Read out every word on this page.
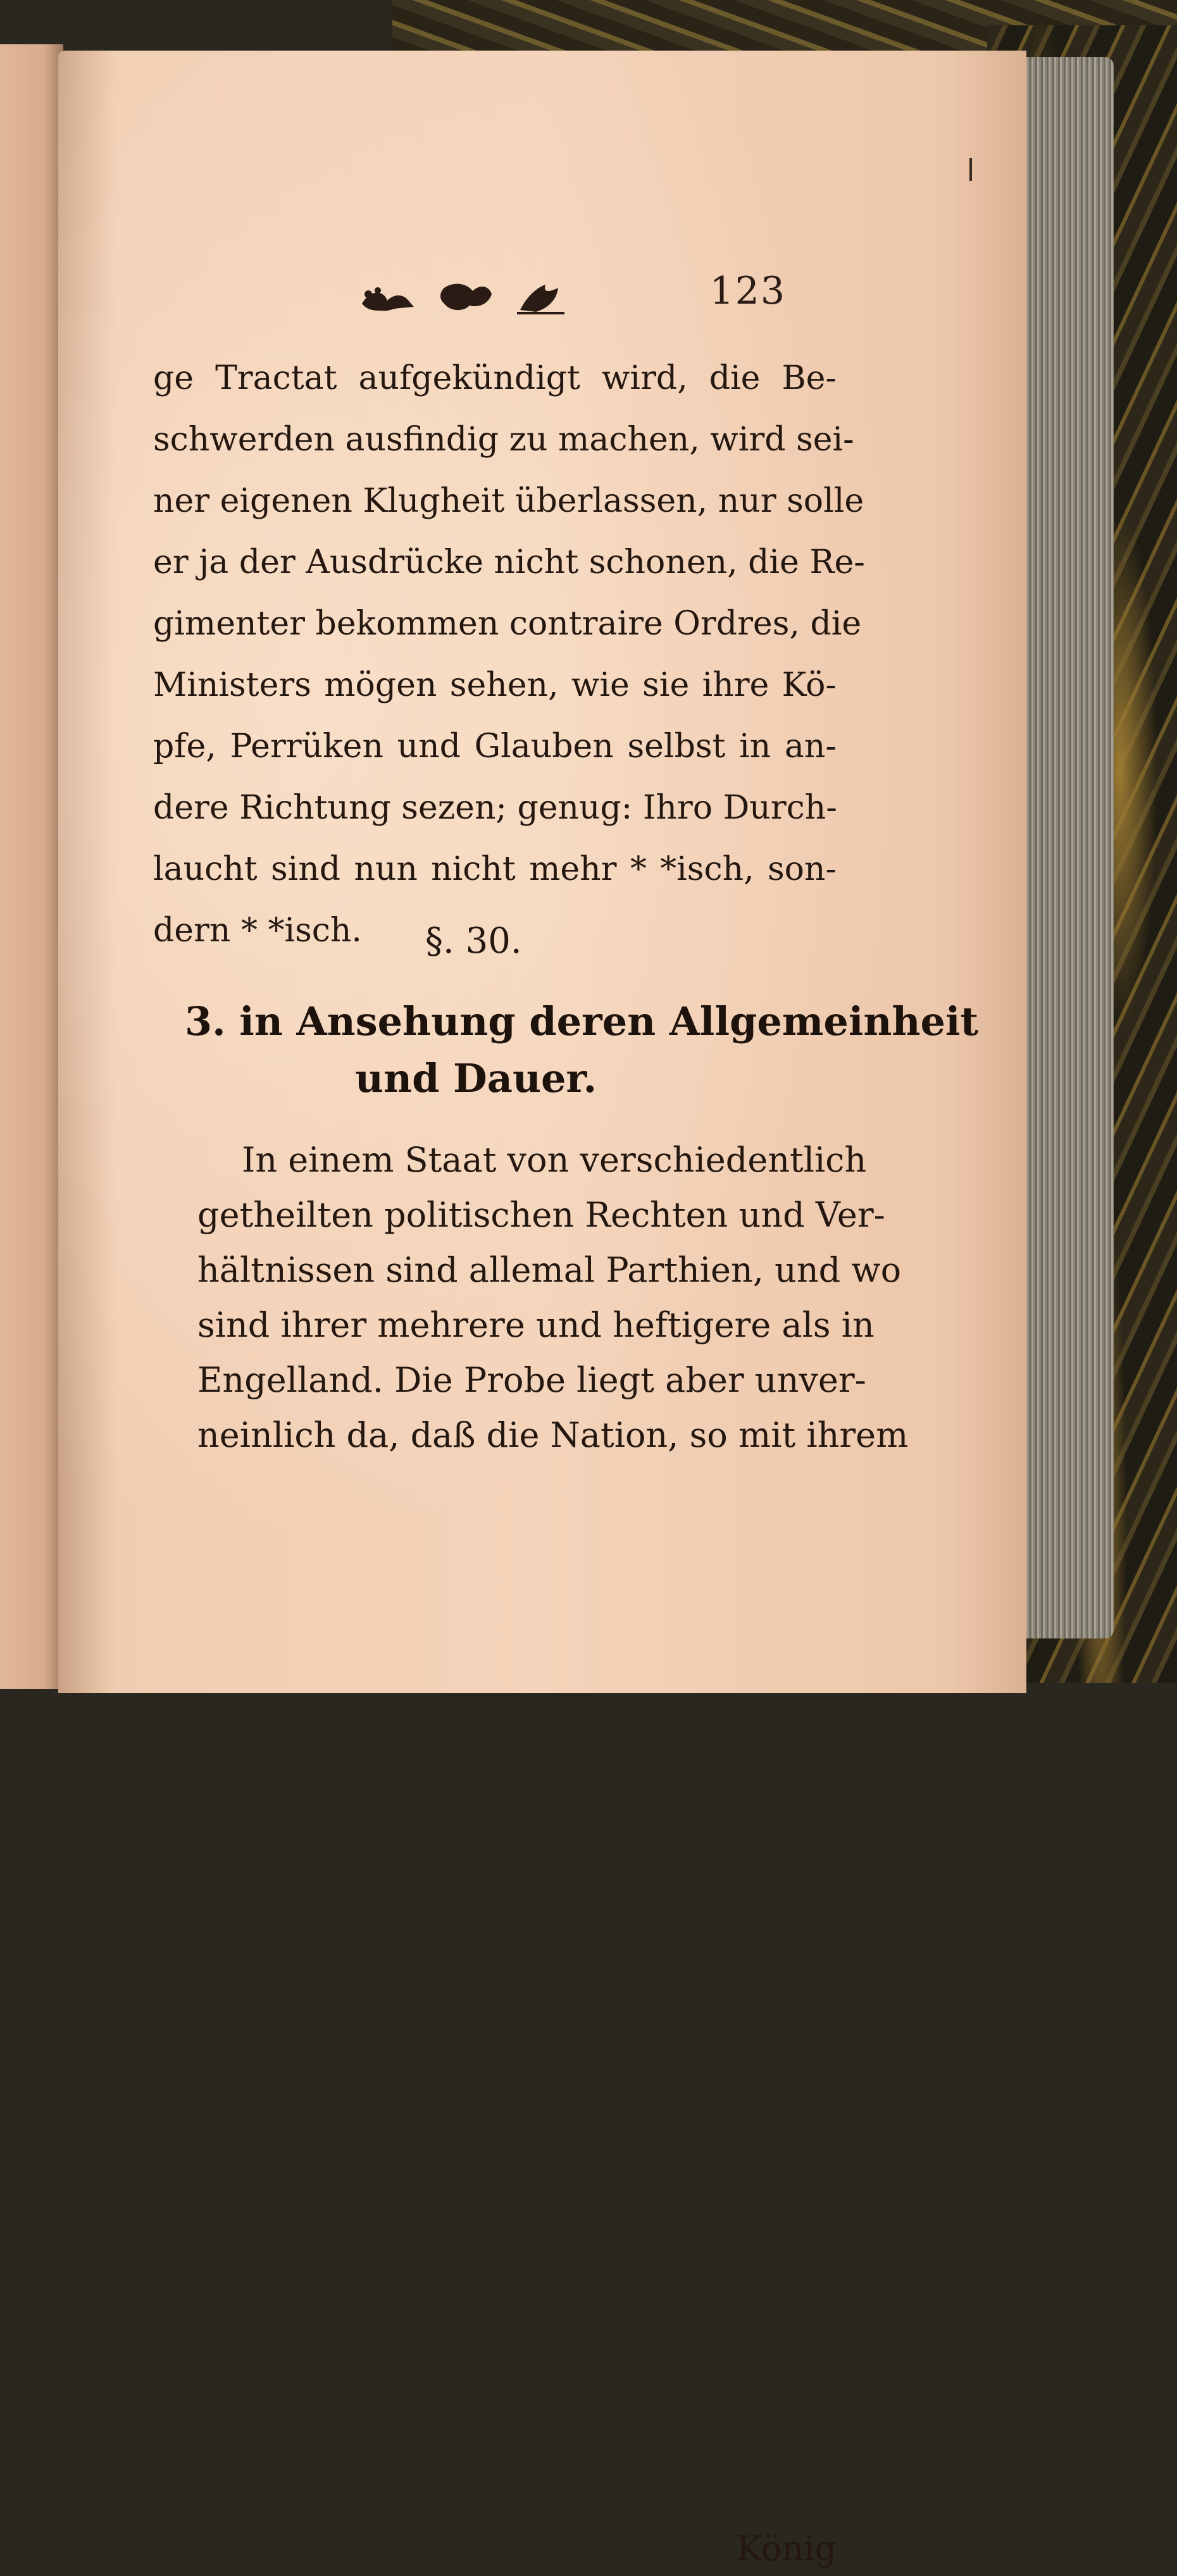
123
ge Tractat aufgekündigt wird, die Be-
schwerden ausfindig zu machen, wird sei-
ner eigenen Klugheit überlassen, nur solle
er ja der Ausdrücke nicht schonen, die Re-
gimenter bekommen contraire Ordres, die
Ministers mögen sehen, wie sie ihre Kö-
pfe, Perrüken und Glauben selbst in an-
dere Richtung sezen; genug: Ihro Durch-
laucht sind nun nicht mehr * *isch, son-
dern * *isch.	§. 30.
3. in Ansehung deren Allgemeinheit
und Dauer.
In einem Staat von verschiedentlich
getheilten politischen Rechten und Ver-
hältnissen sind allemal Parthien, und wo
sind ihrer mehrere und heftigere als in
Engelland. Die Probe liegt aber unver-
neinlich da, daß die Nation, so mit ihrem
König
